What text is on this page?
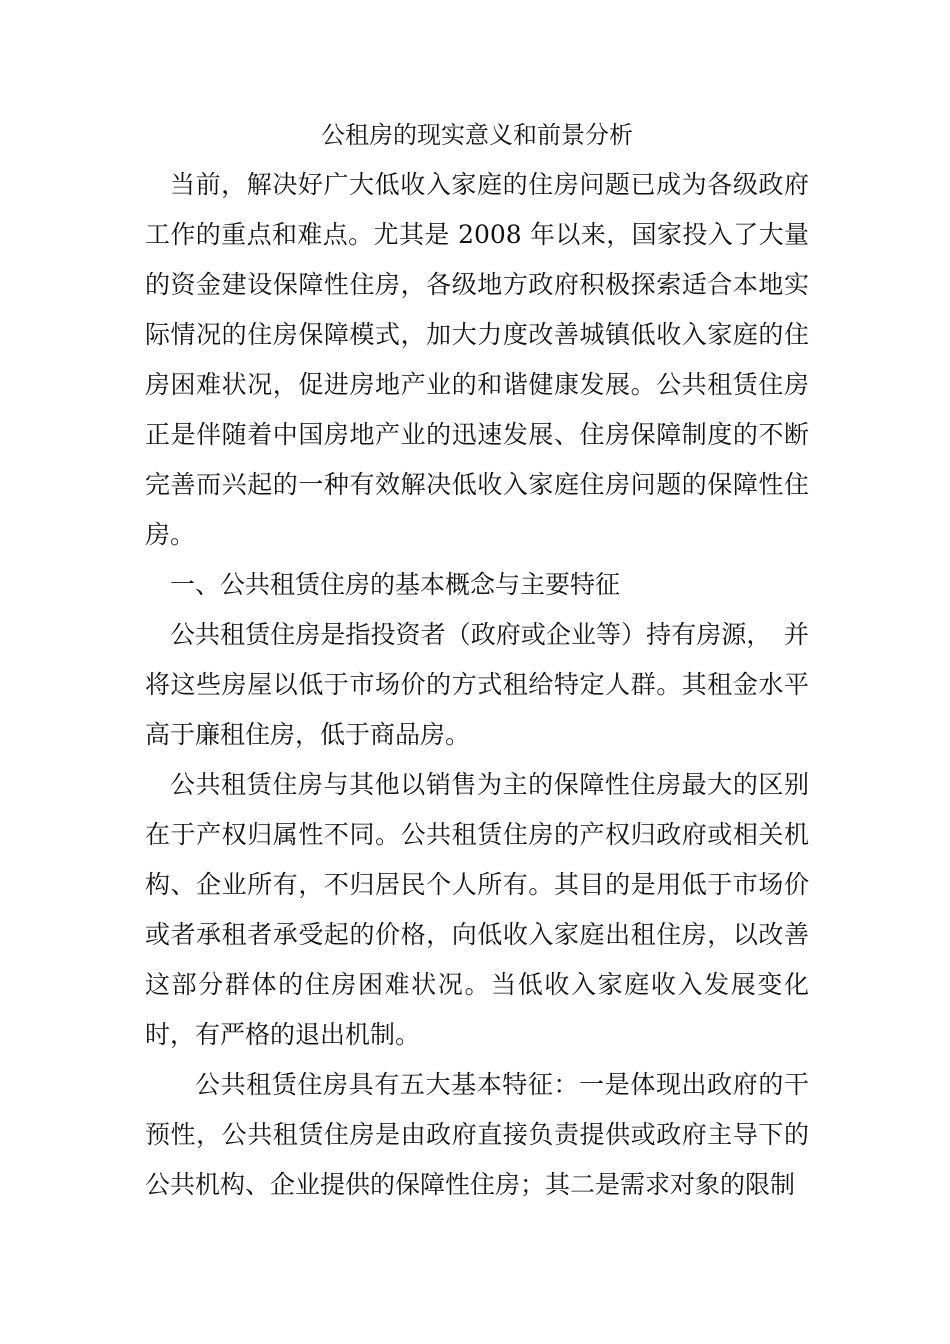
公租房的现实意义和前景分析

当前，解决好广大低收入家庭的住房问题已成为各级政府工作的重点和难点。尤其是 2008 年以来，国家投入了大量的资金建设保障性住房，各级地方政府积极探索适合本地实际情况的住房保障模式，加大力度改善城镇低收入家庭的住房困难状况，促进房地产业的和谐健康发展。公共租赁住房正是伴随着中国房地产业的迅速发展、住房保障制度的不断完善而兴起的一种有效解决低收入家庭住房问题的保障性住房。

一、公共租赁住房的基本概念与主要特征

公共租赁住房是指投资者（政府或企业等）持有房源，　并将这些房屋以低于市场价的方式租给特定人群。其租金水平高于廉租住房，低于商品房。

公共租赁住房与其他以销售为主的保障性住房最大的区别在于产权归属性不同。公共租赁住房的产权归政府或相关机构、企业所有，不归居民个人所有。其目的是用低于市场价或者承租者承受起的价格，向低收入家庭出租住房，以改善这部分群体的住房困难状况。当低收入家庭收入发展变化时，有严格的退出机制。

公共租赁住房具有五大基本特征：一是体现出政府的干预性，公共租赁住房是由政府直接负责提供或政府主导下的公共机构、企业提供的保障性住房；其二是需求对象的限制
